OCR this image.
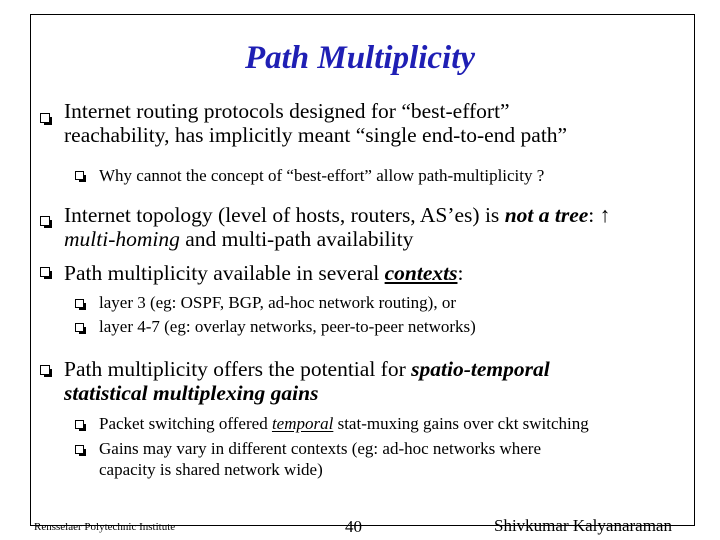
Path Multiplicity
Internet routing protocols designed for “best-effort”
reachability, has implicitly meant “single end-to-end path”
Why cannot the concept of “best-effort” allow path-multiplicity ?
Internet topology (level of hosts, routers, AS’es) is not a tree: ↑
multi-homing and multi-path availability
Path multiplicity available in several contexts:
layer 3 (eg: OSPF, BGP, ad-hoc network routing), or
layer 4-7 (eg: overlay networks, peer-to-peer networks)
Path multiplicity offers the potential for spatio-temporal
statistical multiplexing gains
Packet switching offered temporal stat-muxing gains over ckt switching
Gains may vary in different contexts (eg: ad-hoc networks where
capacity is shared network wide)
Rensselaer Polytechnic Institute	40	Shivkumar Kalyanaraman
